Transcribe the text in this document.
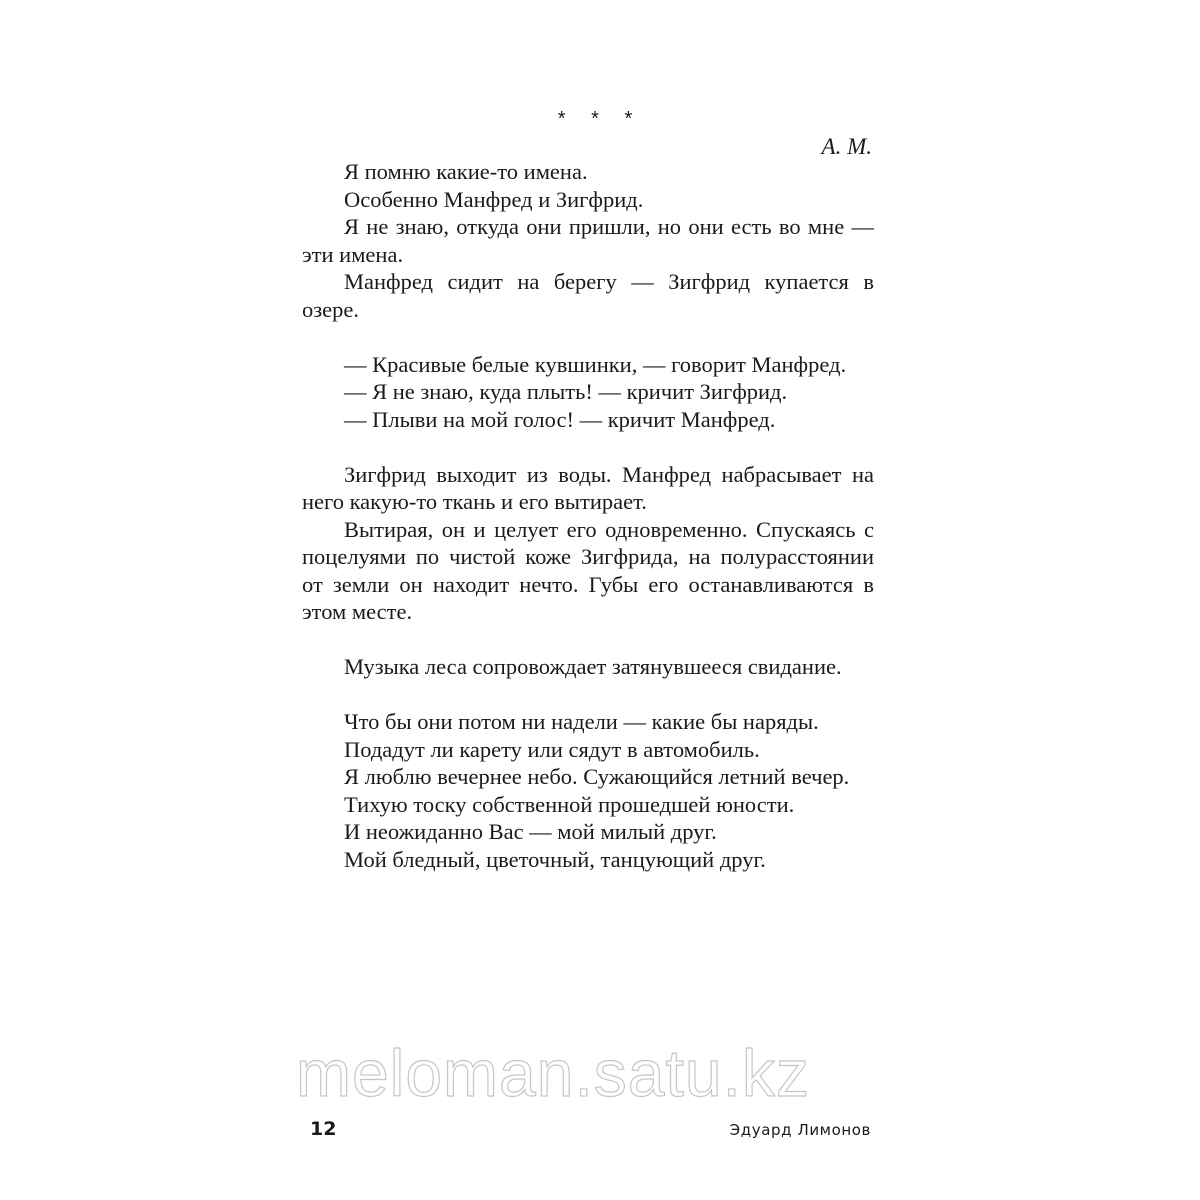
* * *
А. М.

Я помню какие-то имена.

Особенно Манфред и Зигфрид.

Я не знаю, откуда они пришли, но они есть во мне — эти имена.

Манфред сидит на берегу — Зигфрид купается в озере.

— Красивые белые кувшинки, — говорит Манфред.

— Я не знаю, куда плыть! — кричит Зигфрид.

— Плыви на мой голос! — кричит Манфред.

Зигфрид выходит из воды. Манфред набрасывает на него какую-то ткань и его вытирает.

Вытирая, он и целует его одновременно. Спускаясь с поцелуями по чистой коже Зигфрида, на полурасстоянии от земли он находит нечто. Губы его останавливаются в этом месте.

Музыка леса сопровождает затянувшееся свидание.

Что бы они потом ни надели — какие бы наряды.

Подадут ли карету или сядут в автомобиль.

Я люблю вечернее небо. Сужающийся летний вечер.

Тихую тоску собственной прошедшей юности.

И неожиданно Вас — мой милый друг.

Мой бледный, цветочный, танцующий друг.

meloman.satu.kz
12	Эдуард Лимонов
